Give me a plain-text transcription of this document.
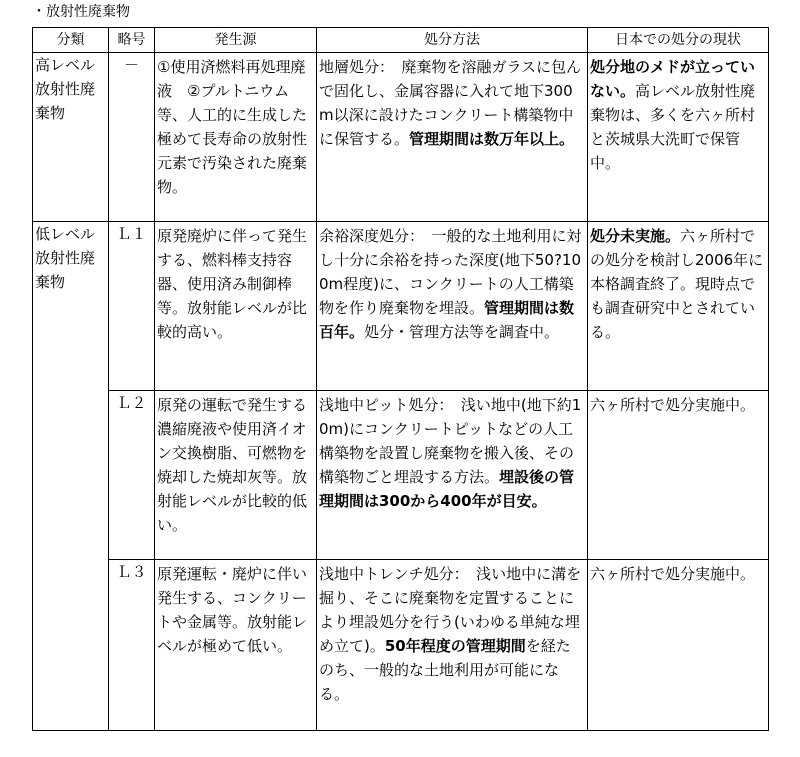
・放射性廃棄物
分類	略号	発生源	処分方法	日本での処分の現状
高レベル放射性廃棄物	－	①使用済燃料再処理廃液　②プルトニウム等、人工的に生成した極めて長寿命の放射性元素で汚染された廃棄物。	地層処分：　廃棄物を溶融ガラスに包んで固化し、金属容器に入れて地下300m以深に設けたコンクリート構築物中に保管する。管理期間は数万年以上。	処分地のメドが立っていない。高レベル放射性廃棄物は、多くを六ヶ所村と茨城県大洗町で保管中。

低レベル放射性廃棄物	Ｌ１	原発廃炉に伴って発生する、燃料棒支持容器、使用済み制御棒等。放射能レベルが比較的高い。	余裕深度処分：　一般的な土地利用に対し十分に余裕を持った深度(地下50?100m程度)に、コンクリートの人工構築物を作り廃棄物を埋設。管理期間は数百年。処分・管理方法等を調査中。	処分未実施。六ヶ所村での処分を検討し2006年に本格調査終了。現時点でも調査研究中とされている。

	Ｌ２	原発の運転で発生する濃縮廃液や使用済イオン交換樹脂、可燃物を焼却した焼却灰等。放射能レベルが比較的低い。	浅地中ピット処分：　浅い地中(地下約10m)にコンクリートピットなどの人工構築物を設置し廃棄物を搬入後、その構築物ごと埋設する方法。埋設後の管理期間は300から400年が目安。	六ヶ所村で処分実施中。

	Ｌ３	原発運転・廃炉に伴い発生する、コンクリートや金属等。放射能レベルが極めて低い。	浅地中トレンチ処分：　浅い地中に溝を掘り、そこに廃棄物を定置することにより埋設処分を行う(いわゆる単純な埋め立て)。50年程度の管理期間を経たのち、一般的な土地利用が可能になる。	六ヶ所村で処分実施中。
